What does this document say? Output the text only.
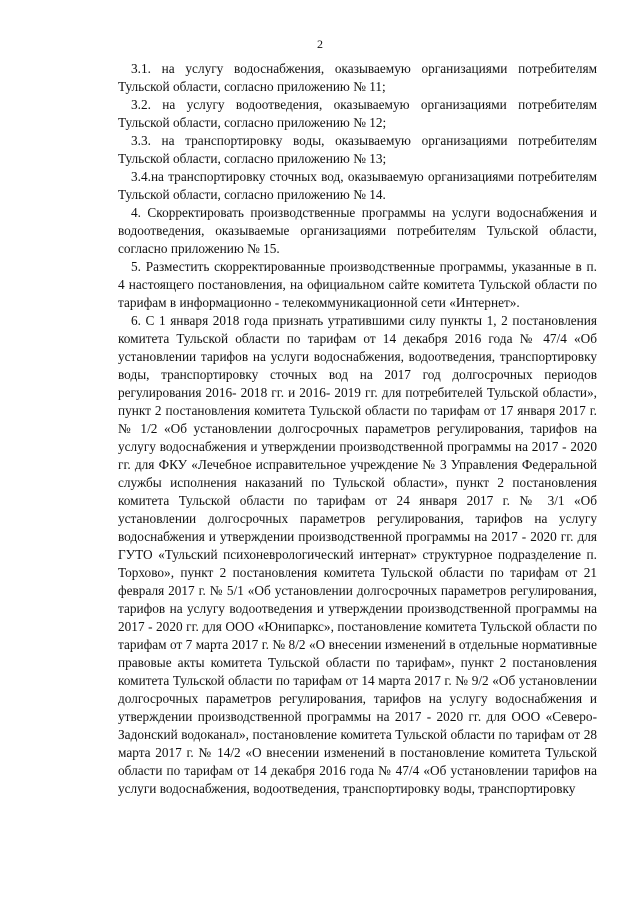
2

3.1. на услугу водоснабжения, оказываемую организациями потребителям Тульской области, согласно приложению № 11;

3.2. на услугу водоотведения, оказываемую организациями потребителям Тульской области, согласно приложению № 12;

3.3. на транспортировку воды, оказываемую организациями потребителям Тульской области, согласно приложению № 13;

3.4.на транспортировку сточных вод, оказываемую организациями потребителям Тульской области, согласно приложению № 14.

4. Скорректировать производственные программы на услуги водоснабжения и водоотведения, оказываемые организациями потребителям Тульской области, согласно приложению № 15.

5. Разместить скорректированные производственные программы, указанные в п. 4 настоящего постановления, на официальном сайте комитета Тульской области по тарифам в информационно - телекоммуникационной сети «Интернет».

6. С 1 января 2018 года признать утратившими силу пункты 1, 2 постановления комитета Тульской области по тарифам от 14 декабря 2016 года № 47/4 «Об установлении тарифов на услуги водоснабжения, водоотведения, транспортировку воды, транспортировку сточных вод на 2017 год долгосрочных периодов регулирования 2016- 2018 гг. и 2016- 2019 гг. для потребителей Тульской области», пункт 2 постановления комитета Тульской области по тарифам от 17 января 2017 г. № 1/2 «Об установлении долгосрочных параметров регулирования, тарифов на услугу водоснабжения и утверждении производственной программы на 2017 - 2020 гг. для ФКУ «Лечебное исправительное учреждение № 3 Управления Федеральной службы исполнения наказаний по Тульской области», пункт 2 постановления комитета Тульской области по тарифам от 24 января 2017 г. № 3/1 «Об установлении долгосрочных параметров регулирования, тарифов на услугу водоснабжения и утверждении производственной программы на 2017 - 2020 гг. для ГУТО «Тульский психоневрологический интернат» структурное подразделение п. Торхово», пункт 2 постановления комитета Тульской области по тарифам от 21 февраля 2017 г. № 5/1 «Об установлении долгосрочных параметров регулирования, тарифов на услугу водоотведения и утверждении производственной программы на 2017 - 2020 гг. для ООО «Юнипаркс», постановление комитета Тульской области по тарифам от 7 марта 2017 г. № 8/2 «О внесении изменений в отдельные нормативные правовые акты комитета Тульской области по тарифам», пункт 2 постановления комитета Тульской области по тарифам от 14 марта 2017 г. № 9/2 «Об установлении долгосрочных параметров регулирования, тарифов на услугу водоснабжения и утверждении производственной программы на 2017 - 2020 гг. для ООО «Северо-Задонский водоканал», постановление комитета Тульской области по тарифам от 28 марта 2017 г. № 14/2 «О внесении изменений в постановление комитета Тульской области по тарифам от 14 декабря 2016 года № 47/4 «Об установлении тарифов на услуги водоснабжения, водоотведения, транспортировку воды, транспортировку
